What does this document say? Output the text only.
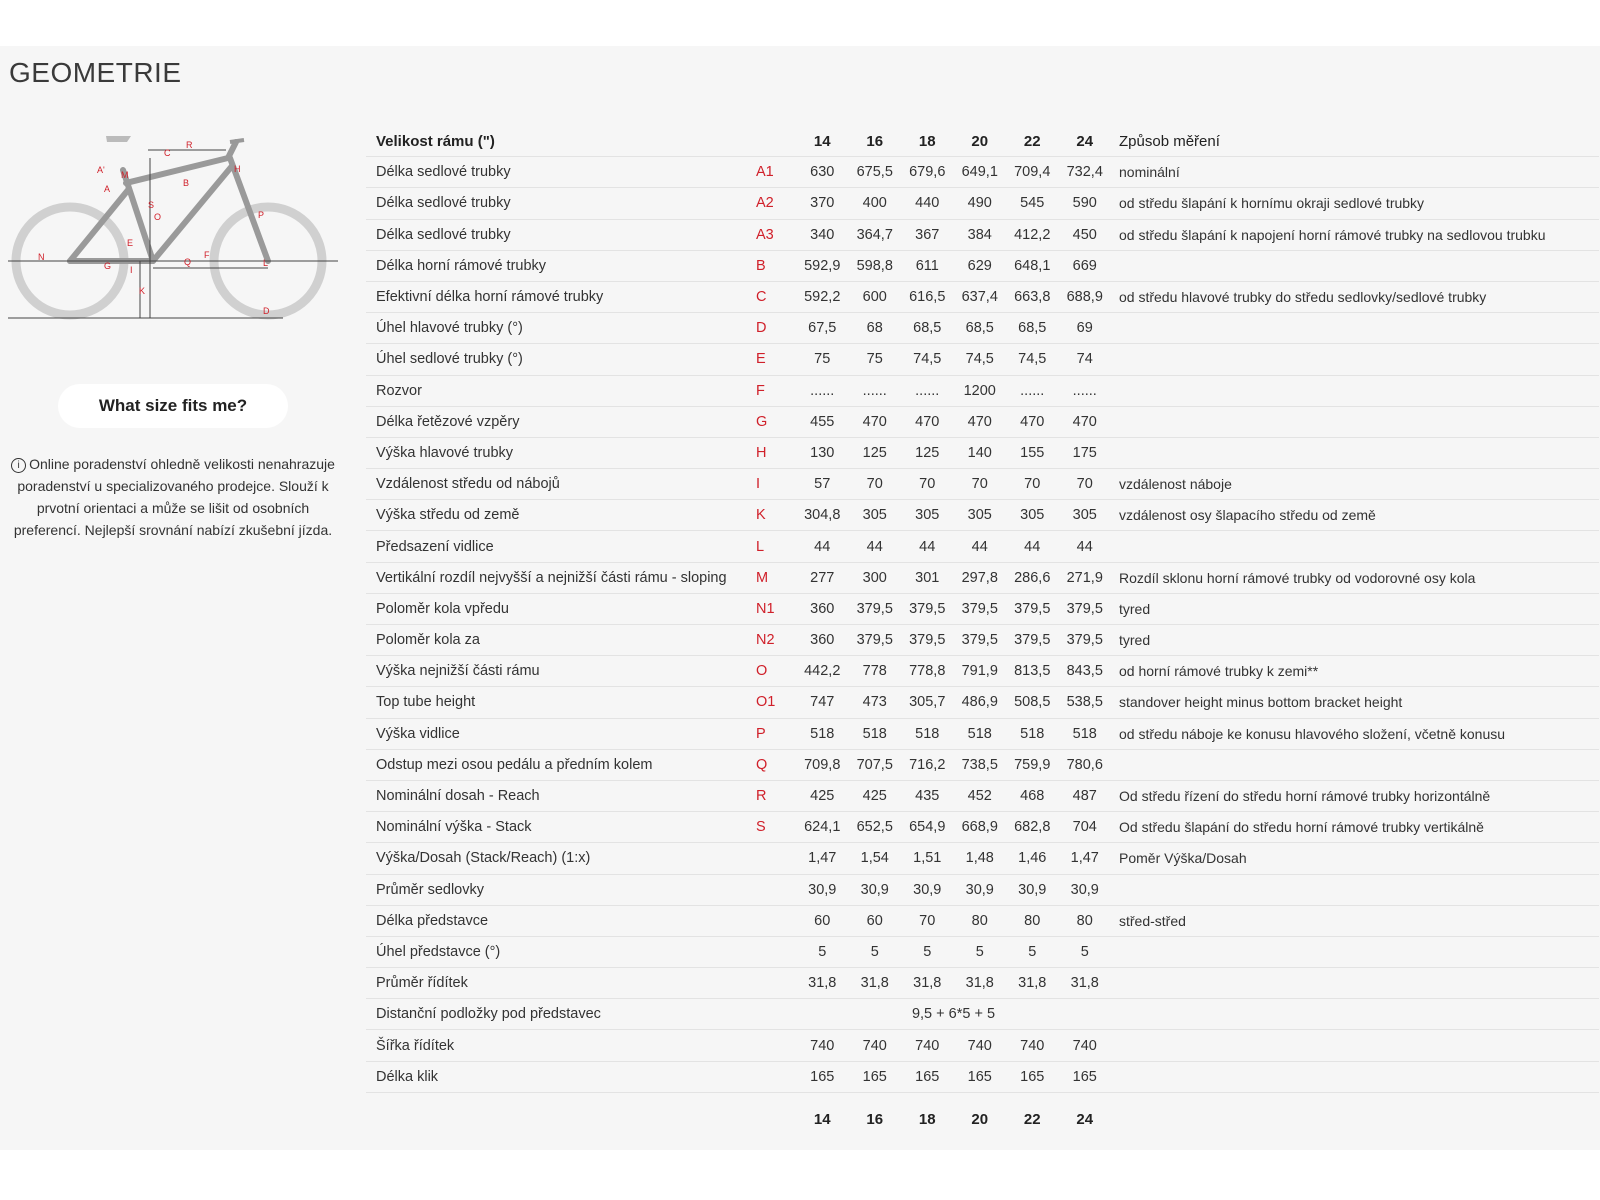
GEOMETRIE
A'
A
M
C
R
B
H
S
O	P
N
G
E
I
Q
F
L
K
D
What size fits me?
i Online poradenství ohledně velikosti nenahrazuje poradenství u specializovaného prodejce. Slouží k prvotní orientaci a může se lišit od osobních preferencí. Nejlepší srovnání nabízí zkušební jízda.
Velikost rámu (")		14	16	18	20	22	24	Způsob měření
Délka sedlové trubky	A1	630	675,5	679,6	649,1	709,4	732,4	nominální
Délka sedlové trubky	A2	370	400	440	490	545	590	od středu šlapání k hornímu okraji sedlové trubky
Délka sedlové trubky	A3	340	364,7	367	384	412,2	450	od středu šlapání k napojení horní rámové trubky na sedlovou trubku
Délka horní rámové trubky	B	592,9	598,8	611	629	648,1	669	
Efektivní délka horní rámové trubky	C	592,2	600	616,5	637,4	663,8	688,9	od středu hlavové trubky do středu sedlovky/sedlové trubky
Úhel hlavové trubky (°)	D	67,5	68	68,5	68,5	68,5	69	
Úhel sedlové trubky (°)	E	75	75	74,5	74,5	74,5	74	
Rozvor	F	......	......	......	1200	......	......	
Délka řetězové vzpěry	G	455	470	470	470	470	470	
Výška hlavové trubky	H	130	125	125	140	155	175	
Vzdálenost středu od nábojů	I	57	70	70	70	70	70	vzdálenost náboje
Výška středu od země	K	304,8	305	305	305	305	305	vzdálenost osy šlapacího středu od země
Předsazení vidlice	L	44	44	44	44	44	44	
Vertikální rozdíl nejvyšší a nejnižší části rámu - sloping	M	277	300	301	297,8	286,6	271,9	Rozdíl sklonu horní rámové trubky od vodorovné osy kola
Poloměr kola vpředu	N1	360	379,5	379,5	379,5	379,5	379,5	tyred
Poloměr kola za	N2	360	379,5	379,5	379,5	379,5	379,5	tyred
Výška nejnižší části rámu	O	442,2	778	778,8	791,9	813,5	843,5	od horní rámové trubky k zemi**
Top tube height	O1	747	473	305,7	486,9	508,5	538,5	standover height minus bottom bracket height
Výška vidlice	P	518	518	518	518	518	518	od středu náboje ke konusu hlavového složení, včetně konusu
Odstup mezi osou pedálu a předním kolem	Q	709,8	707,5	716,2	738,5	759,9	780,6	
Nominální dosah - Reach	R	425	425	435	452	468	487	Od středu řízení do středu horní rámové trubky horizontálně
Nominální výška - Stack	S	624,1	652,5	654,9	668,9	682,8	704	Od středu šlapání do středu horní rámové trubky vertikálně
Výška/Dosah (Stack/Reach) (1:x)		1,47	1,54	1,51	1,48	1,46	1,47	Poměr Výška/Dosah
Průměr sedlovky		30,9	30,9	30,9	30,9	30,9	30,9	
Délka představce		60	60	70	80	80	80	střed-střed
Úhel představce (°)		5	5	5	5	5	5	
Průměr řídítek		31,8	31,8	31,8	31,8	31,8	31,8	
Distanční podložky pod představec		9,5 + 6*5 + 5						
Šířka řídítek		740	740	740	740	740	740	
Délka klik		165	165	165	165	165	165	
		14	16	18	20	22	24	
